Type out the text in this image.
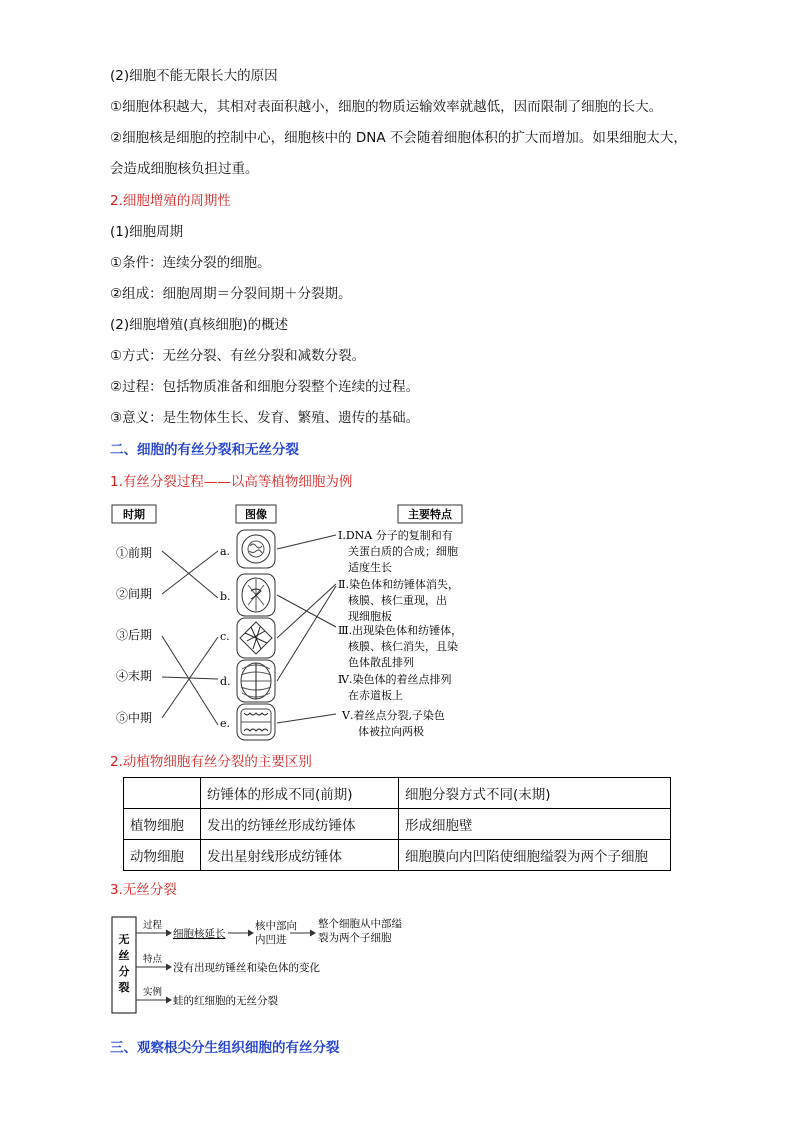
(2)细胞不能无限长大的原因
①细胞体积越大，其相对表面积越小，细胞的物质运输效率就越低，因而限制了细胞的长大。
②细胞核是细胞的控制中心，细胞核中的 DNA 不会随着细胞体积的扩大而增加。如果细胞太大，
会造成细胞核负担过重。
2.细胞增殖的周期性
(1)细胞周期
①条件：连续分裂的细胞。
②组成：细胞周期＝分裂间期＋分裂期。
(2)细胞增殖(真核细胞)的概述
①方式：无丝分裂、有丝分裂和减数分裂。
②过程：包括物质准备和细胞分裂整个连续的过程。
③意义：是生物体生长、发育、繁殖、遗传的基础。
二、细胞的有丝分裂和无丝分裂
1.有丝分裂过程——以高等植物细胞为例
时期	图像	主要特点
①前期
②间期
③后期
④末期
⑤中期
a.
b.
c.
d.
e.
Ⅰ.DNA 分子的复制和有
关蛋白质的合成；细胞
适度生长
Ⅱ.染色体和纺锤体消失，
核膜、核仁重现，出
现细胞板
Ⅲ.出现染色体和纺锤体，
核膜、核仁消失，且染
色体散乱排列
Ⅳ.染色体的着丝点排列
在赤道板上
Ⅴ.着丝点分裂,子染色
体被拉向两极
2.动植物细胞有丝分裂的主要区别
	纺锤体的形成不同(前期)	细胞分裂方式不同(末期)
植物细胞	发出的纺锤丝形成纺锤体	形成细胞壁
动物细胞	发出星射线形成纺锤体	细胞膜向内凹陷使细胞缢裂为两个子细胞
3.无丝分裂
无
丝
分
裂
过程
特点
实例
细胞核延长
核中部向
内凹进
整个细胞从中部缢
裂为两个子细胞
没有出现纺锤丝和染色体的变化
蛙的红细胞的无丝分裂
三、观察根尖分生组织细胞的有丝分裂
